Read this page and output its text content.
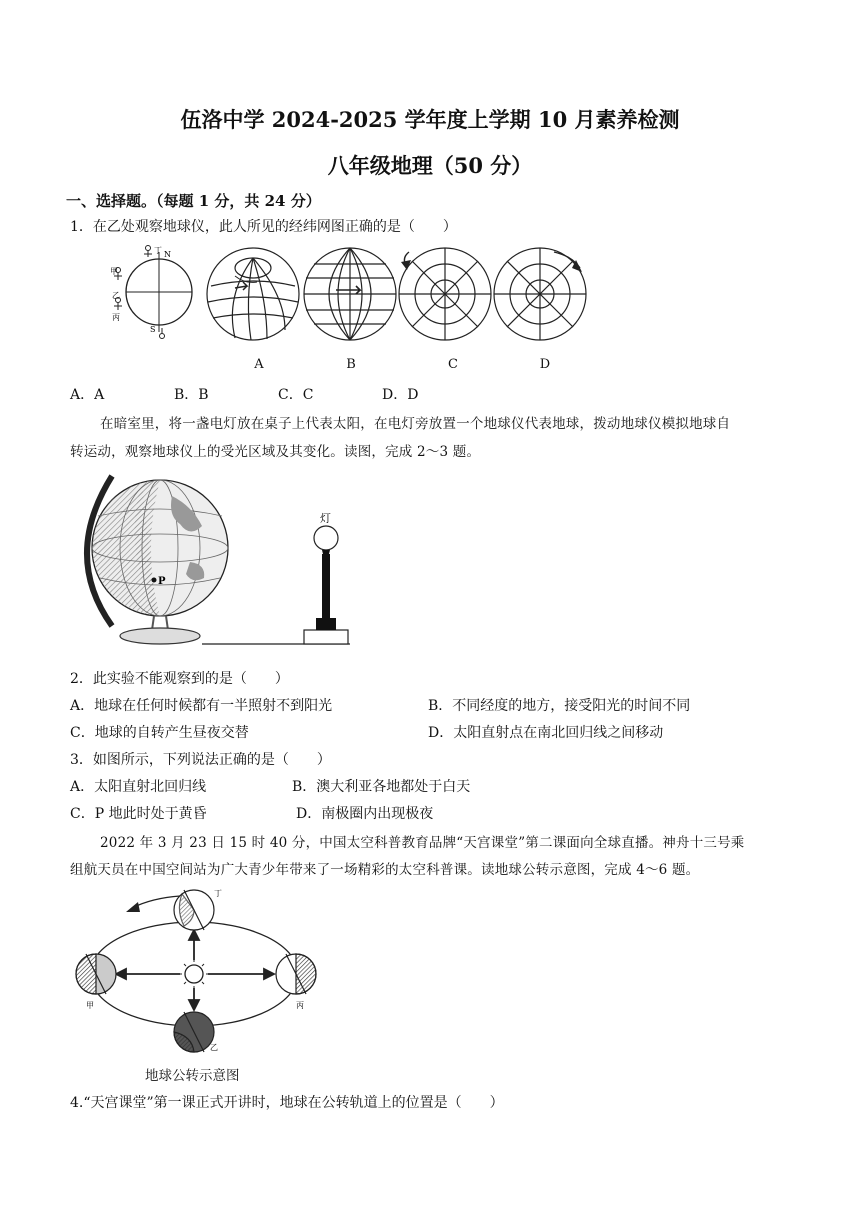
伍洛中学 2024-2025 学年度上学期 10 月素养检测
八年级地理（50 分）
一、选择题。（每题 1 分，共 24 分）
1．在乙处观察地球仪，此人所见的经纬网图正确的是（　　）
丁 N
甲
乙
丙
S
A	B	C	D
A．A	B．B	C．C	D．D
在暗室里，将一盏电灯放在桌子上代表太阳，在电灯旁放置一个地球仪代表地球，拨动地球仪模拟地球自
转运动，观察地球仪上的受光区域及其变化。读图，完成 2～3 题。
P
灯
2．此实验不能观察到的是（　　）
A．地球在任何时候都有一半照射不到阳光	B．不同经度的地方，接受阳光的时间不同
C．地球的自转产生昼夜交替	D．太阳直射点在南北回归线之间移动
3．如图所示，下列说法正确的是（　　）
A．太阳直射北回归线	B．澳大利亚各地都处于白天
C．P 地此时处于黄昏	D．南极圈内出现极夜
2022 年 3 月 23 日 15 时 40 分，中国太空科普教育品牌“天宫课堂”第二课面向全球直播。神舟十三号乘
组航天员在中国空间站为广大青少年带来了一场精彩的太空科普课。读地球公转示意图，完成 4～6 题。
甲
乙
丙
丁
地球公转示意图
4.“天宫课堂”第一课正式开讲时，地球在公转轨道上的位置是（　　）
